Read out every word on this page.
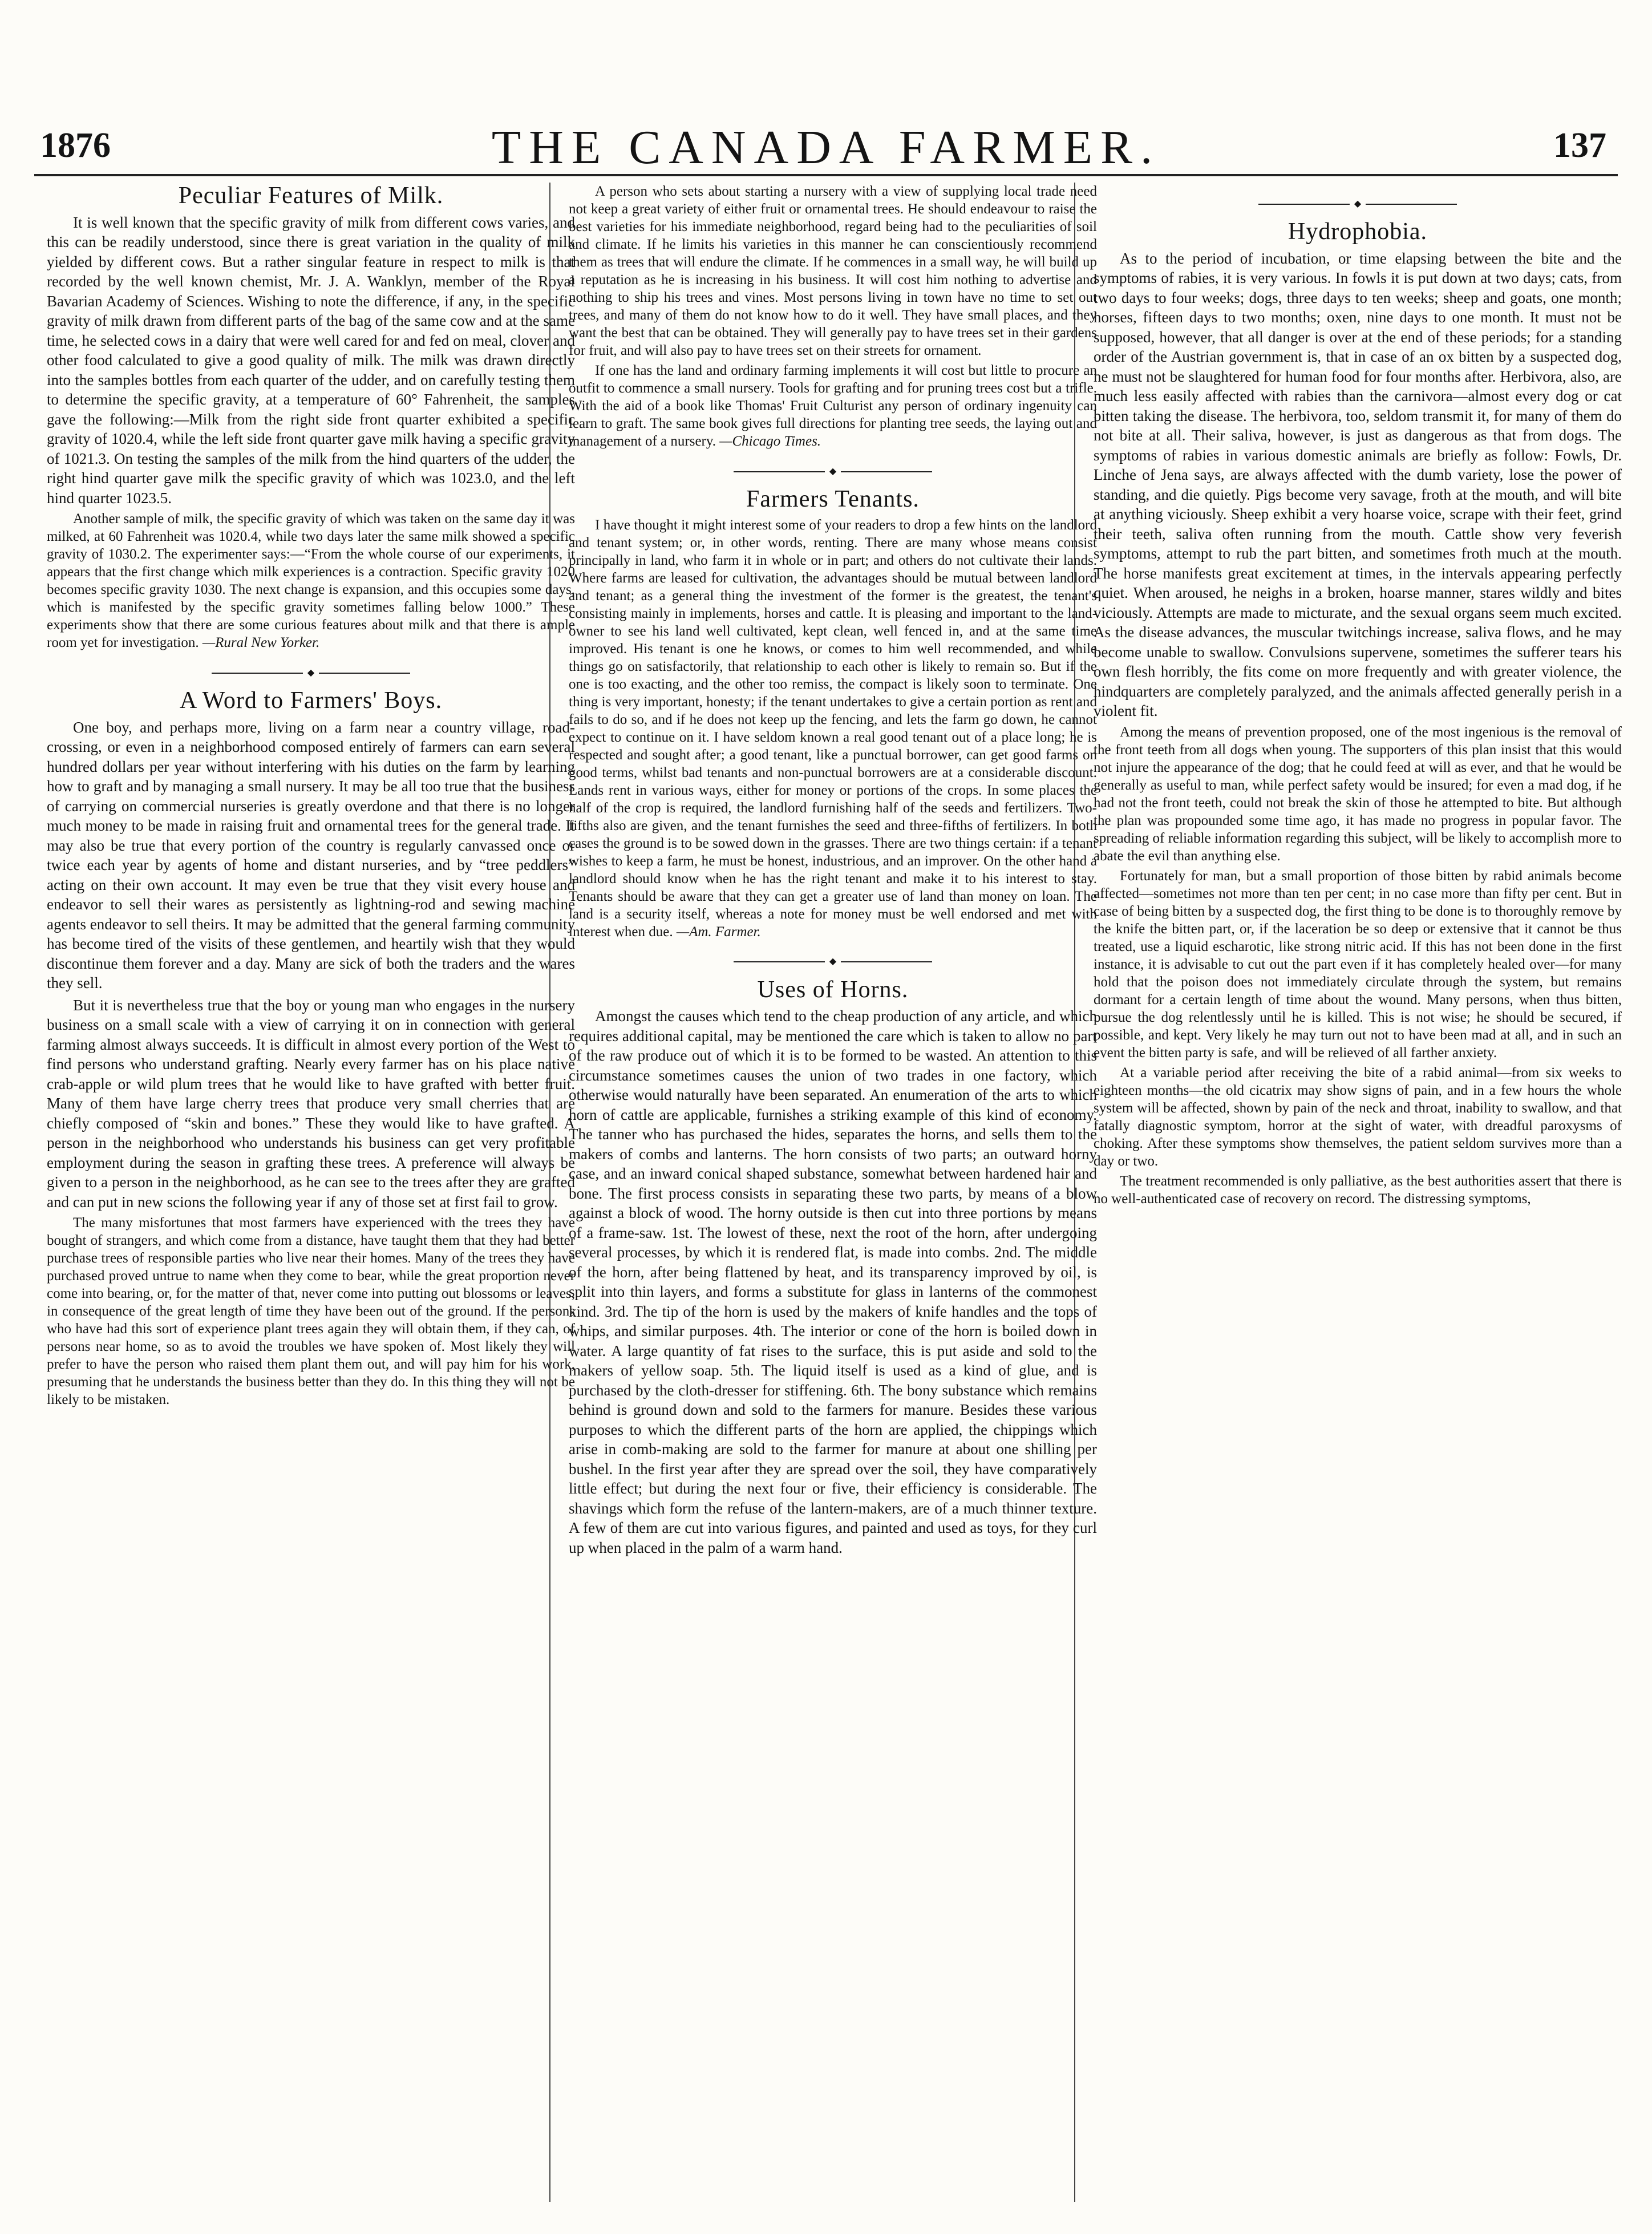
1876	THE CANADA FARMER.	137
Peculiar Features of Milk.

It is well known that the specific gravity of milk from different cows varies, and this can be readily understood, since there is great variation in the quality of milk yielded by different cows. But a rather singular feature in respect to milk is that recorded by the well known chemist, Mr. J. A. Wanklyn, member of the Royal Bavarian Academy of Sciences. Wishing to note the difference, if any, in the specific gravity of milk drawn from different parts of the bag of the same cow and at the same time, he selected cows in a dairy that were well cared for and fed on meal, clover and other food calculated to give a good quality of milk. The milk was drawn directly into the samples bottles from each quarter of the udder, and on carefully testing them to determine the specific gravity, at a temperature of 60° Fahrenheit, the samples gave the following:—Milk from the right side front quarter exhibited a specific gravity of 1020.4, while the left side front quarter gave milk having a specific gravity of 1021.3. On testing the samples of the milk from the hind quarters of the udder, the right hind quarter gave milk the specific gravity of which was 1023.0, and the left hind quarter 1023.5.

Another sample of milk, the specific gravity of which was taken on the same day it was milked, at 60 Fahrenheit was 1020.4, while two days later the same milk showed a specific gravity of 1030.2. The experimenter says:—“From the whole course of our experiments, it appears that the first change which milk experiences is a contraction. Specific gravity 1020 becomes specific gravity 1030. The next change is expansion, and this occupies some days, which is manifested by the specific gravity sometimes falling below 1000.” These experiments show that there are some curious features about milk and that there is ample room yet for investigation. —Rural New Yorker.

◆
A Word to Farmers' Boys.

One boy, and perhaps more, living on a farm near a country village, road-crossing, or even in a neighborhood composed entirely of farmers can earn several hundred dollars per year without interfering with his duties on the farm by learning how to graft and by managing a small nursery. It may be all too true that the business of carrying on commercial nurseries is greatly overdone and that there is no longer much money to be made in raising fruit and ornamental trees for the general trade. It may also be true that every portion of the country is regularly canvassed once or twice each year by agents of home and distant nurseries, and by “tree peddlers” acting on their own account. It may even be true that they visit every house and endeavor to sell their wares as persistently as lightning-rod and sewing machine agents endeavor to sell theirs. It may be admitted that the general farming community has become tired of the visits of these gentlemen, and heartily wish that they would discontinue them forever and a day. Many are sick of both the traders and the wares they sell.

But it is nevertheless true that the boy or young man who engages in the nursery business on a small scale with a view of carrying it on in connection with general farming almost always succeeds. It is difficult in almost every portion of the West to find persons who understand grafting. Nearly every farmer has on his place native crab-apple or wild plum trees that he would like to have grafted with better fruit. Many of them have large cherry trees that produce very small cherries that are chiefly composed of “skin and bones.” These they would like to have grafted. A person in the neighborhood who understands his business can get very profitable employment during the season in grafting these trees. A preference will always be given to a person in the neighborhood, as he can see to the trees after they are grafted and can put in new scions the following year if any of those set at first fail to grow.

The many misfortunes that most farmers have experienced with the trees they have bought of strangers, and which come from a distance, have taught them that they had better purchase trees of responsible parties who live near their homes. Many of the trees they have purchased proved untrue to name when they come to bear, while the great proportion never come into bearing, or, for the matter of that, never come into putting out blossoms or leaves, in consequence of the great length of time they have been out of the ground. If the persons who have had this sort of experience plant trees again they will obtain them, if they can, of persons near home, so as to avoid the troubles we have spoken of. Most likely they will prefer to have the person who raised them plant them out, and will pay him for his work, presuming that he understands the business better than they do. In this thing they will not be likely to be mistaken.

A person who sets about starting a nursery with a view of supplying local trade need not keep a great variety of either fruit or ornamental trees. He should endeavour to raise the best varieties for his immediate neighborhood, regard being had to the peculiarities of soil and climate. If he limits his varieties in this manner he can conscientiously recommend them as trees that will endure the climate. If he commences in a small way, he will build up a reputation as he is increasing in his business. It will cost him nothing to advertise and nothing to ship his trees and vines. Most persons living in town have no time to set out trees, and many of them do not know how to do it well. They have small places, and they want the best that can be obtained. They will generally pay to have trees set in their gardens for fruit, and will also pay to have trees set on their streets for ornament.

If one has the land and ordinary farming implements it will cost but little to procure an outfit to commence a small nursery. Tools for grafting and for pruning trees cost but a trifle. With the aid of a book like Thomas' Fruit Culturist any person of ordinary ingenuity can learn to graft. The same book gives full directions for planting tree seeds, the laying out and management of a nursery. —Chicago Times.

◆
Farmers Tenants.

I have thought it might interest some of your readers to drop a few hints on the landlord and tenant system; or, in other words, renting. There are many whose means consist principally in land, who farm it in whole or in part; and others do not cultivate their lands. Where farms are leased for cultivation, the advantages should be mutual between landlord and tenant; as a general thing the investment of the former is the greatest, the tenant's consisting mainly in implements, horses and cattle. It is pleasing and important to the land-owner to see his land well cultivated, kept clean, well fenced in, and at the same time improved. His tenant is one he knows, or comes to him well recommended, and while things go on satisfactorily, that relationship to each other is likely to remain so. But if the one is too exacting, and the other too remiss, the compact is likely soon to terminate. One thing is very important, honesty; if the tenant undertakes to give a certain portion as rent and fails to do so, and if he does not keep up the fencing, and lets the farm go down, he cannot expect to continue on it. I have seldom known a real good tenant out of a place long; he is respected and sought after; a good tenant, like a punctual borrower, can get good farms on good terms, whilst bad tenants and non-punctual borrowers are at a considerable discount. Lands rent in various ways, either for money or portions of the crops. In some places the half of the crop is required, the landlord furnishing half of the seeds and fertilizers. Two-fifths also are given, and the tenant furnishes the seed and three-fifths of fertilizers. In both cases the ground is to be sowed down in the grasses. There are two things certain: if a tenant wishes to keep a farm, he must be honest, industrious, and an improver. On the other hand a landlord should know when he has the right tenant and make it to his interest to stay. Tenants should be aware that they can get a greater use of land than money on loan. The land is a security itself, whereas a note for money must be well endorsed and met with interest when due. —Am. Farmer.

◆
Uses of Horns.

Amongst the causes which tend to the cheap production of any article, and which requires additional capital, may be mentioned the care which is taken to allow no part of the raw produce out of which it is to be formed to be wasted. An attention to this circumstance sometimes causes the union of two trades in one factory, which otherwise would naturally have been separated. An enumeration of the arts to which horn of cattle are applicable, furnishes a striking example of this kind of economy. The tanner who has purchased the hides, separates the horns, and sells them to the makers of combs and lanterns. The horn consists of two parts; an outward horny case, and an inward conical shaped substance, somewhat between hardened hair and bone. The first process consists in separating these two parts, by means of a blow against a block of wood. The horny outside is then cut into three portions by means of a frame-saw. 1st. The lowest of these, next the root of the horn, after undergoing several processes, by which it is rendered flat, is made into combs. 2nd. The middle of the horn, after being flattened by heat, and its transparency improved by oil, is split into thin layers, and forms a substitute for glass in lanterns of the commonest kind. 3rd. The tip of the horn is used by the makers of knife handles and the tops of whips, and similar purposes. 4th. The interior or cone of the horn is boiled down in water. A large quantity of fat rises to the surface, this is put aside and sold to the makers of yellow soap. 5th. The liquid itself is used as a kind of glue, and is purchased by the cloth-dresser for stiffening. 6th. The bony substance which remains behind is ground down and sold to the farmers for manure. Besides these various purposes to which the different parts of the horn are applied, the chippings which arise in comb-making are sold to the farmer for manure at about one shilling per bushel. In the first year after they are spread over the soil, they have comparatively little effect; but during the next four or five, their efficiency is considerable. The shavings which form the refuse of the lantern-makers, are of a much thinner texture. A few of them are cut into various figures, and painted and used as toys, for they curl up when placed in the palm of a warm hand.

◆
Hydrophobia.

As to the period of incubation, or time elapsing between the bite and the symptoms of rabies, it is very various. In fowls it is put down at two days; cats, from two days to four weeks; dogs, three days to ten weeks; sheep and goats, one month; horses, fifteen days to two months; oxen, nine days to one month. It must not be supposed, however, that all danger is over at the end of these periods; for a standing order of the Austrian government is, that in case of an ox bitten by a suspected dog, he must not be slaughtered for human food for four months after. Herbivora, also, are much less easily affected with rabies than the carnivora—almost every dog or cat bitten taking the disease. The herbivora, too, seldom transmit it, for many of them do not bite at all. Their saliva, however, is just as dangerous as that from dogs. The symptoms of rabies in various domestic animals are briefly as follow: Fowls, Dr. Linche of Jena says, are always affected with the dumb variety, lose the power of standing, and die quietly. Pigs become very savage, froth at the mouth, and will bite at anything viciously. Sheep exhibit a very hoarse voice, scrape with their feet, grind their teeth, saliva often running from the mouth. Cattle show very feverish symptoms, attempt to rub the part bitten, and sometimes froth much at the mouth. The horse manifests great excitement at times, in the intervals appearing perfectly quiet. When aroused, he neighs in a broken, hoarse manner, stares wildly and bites viciously. Attempts are made to micturate, and the sexual organs seem much excited. As the disease advances, the muscular twitchings increase, saliva flows, and he may become unable to swallow. Convulsions supervene, sometimes the sufferer tears his own flesh horribly, the fits come on more frequently and with greater violence, the hindquarters are completely paralyzed, and the animals affected generally perish in a violent fit.

Among the means of prevention proposed, one of the most ingenious is the removal of the front teeth from all dogs when young. The supporters of this plan insist that this would not injure the appearance of the dog; that he could feed at will as ever, and that he would be generally as useful to man, while perfect safety would be insured; for even a mad dog, if he had not the front teeth, could not break the skin of those he attempted to bite. But although the plan was propounded some time ago, it has made no progress in popular favor. The spreading of reliable information regarding this subject, will be likely to accomplish more to abate the evil than anything else.

Fortunately for man, but a small proportion of those bitten by rabid animals become affected—sometimes not more than ten per cent; in no case more than fifty per cent. But in case of being bitten by a suspected dog, the first thing to be done is to thoroughly remove by the knife the bitten part, or, if the laceration be so deep or extensive that it cannot be thus treated, use a liquid escharotic, like strong nitric acid. If this has not been done in the first instance, it is advisable to cut out the part even if it has completely healed over—for many hold that the poison does not immediately circulate through the system, but remains dormant for a certain length of time about the wound. Many persons, when thus bitten, pursue the dog relentlessly until he is killed. This is not wise; he should be secured, if possible, and kept. Very likely he may turn out not to have been mad at all, and in such an event the bitten party is safe, and will be relieved of all farther anxiety.

At a variable period after receiving the bite of a rabid animal—from six weeks to eighteen months—the old cicatrix may show signs of pain, and in a few hours the whole system will be affected, shown by pain of the neck and throat, inability to swallow, and that fatally diagnostic symptom, horror at the sight of water, with dreadful paroxysms of choking. After these symptoms show themselves, the patient seldom survives more than a day or two.

The treatment recommended is only palliative, as the best authorities assert that there is no well-authenticated case of recovery on record. The distressing symptoms,
